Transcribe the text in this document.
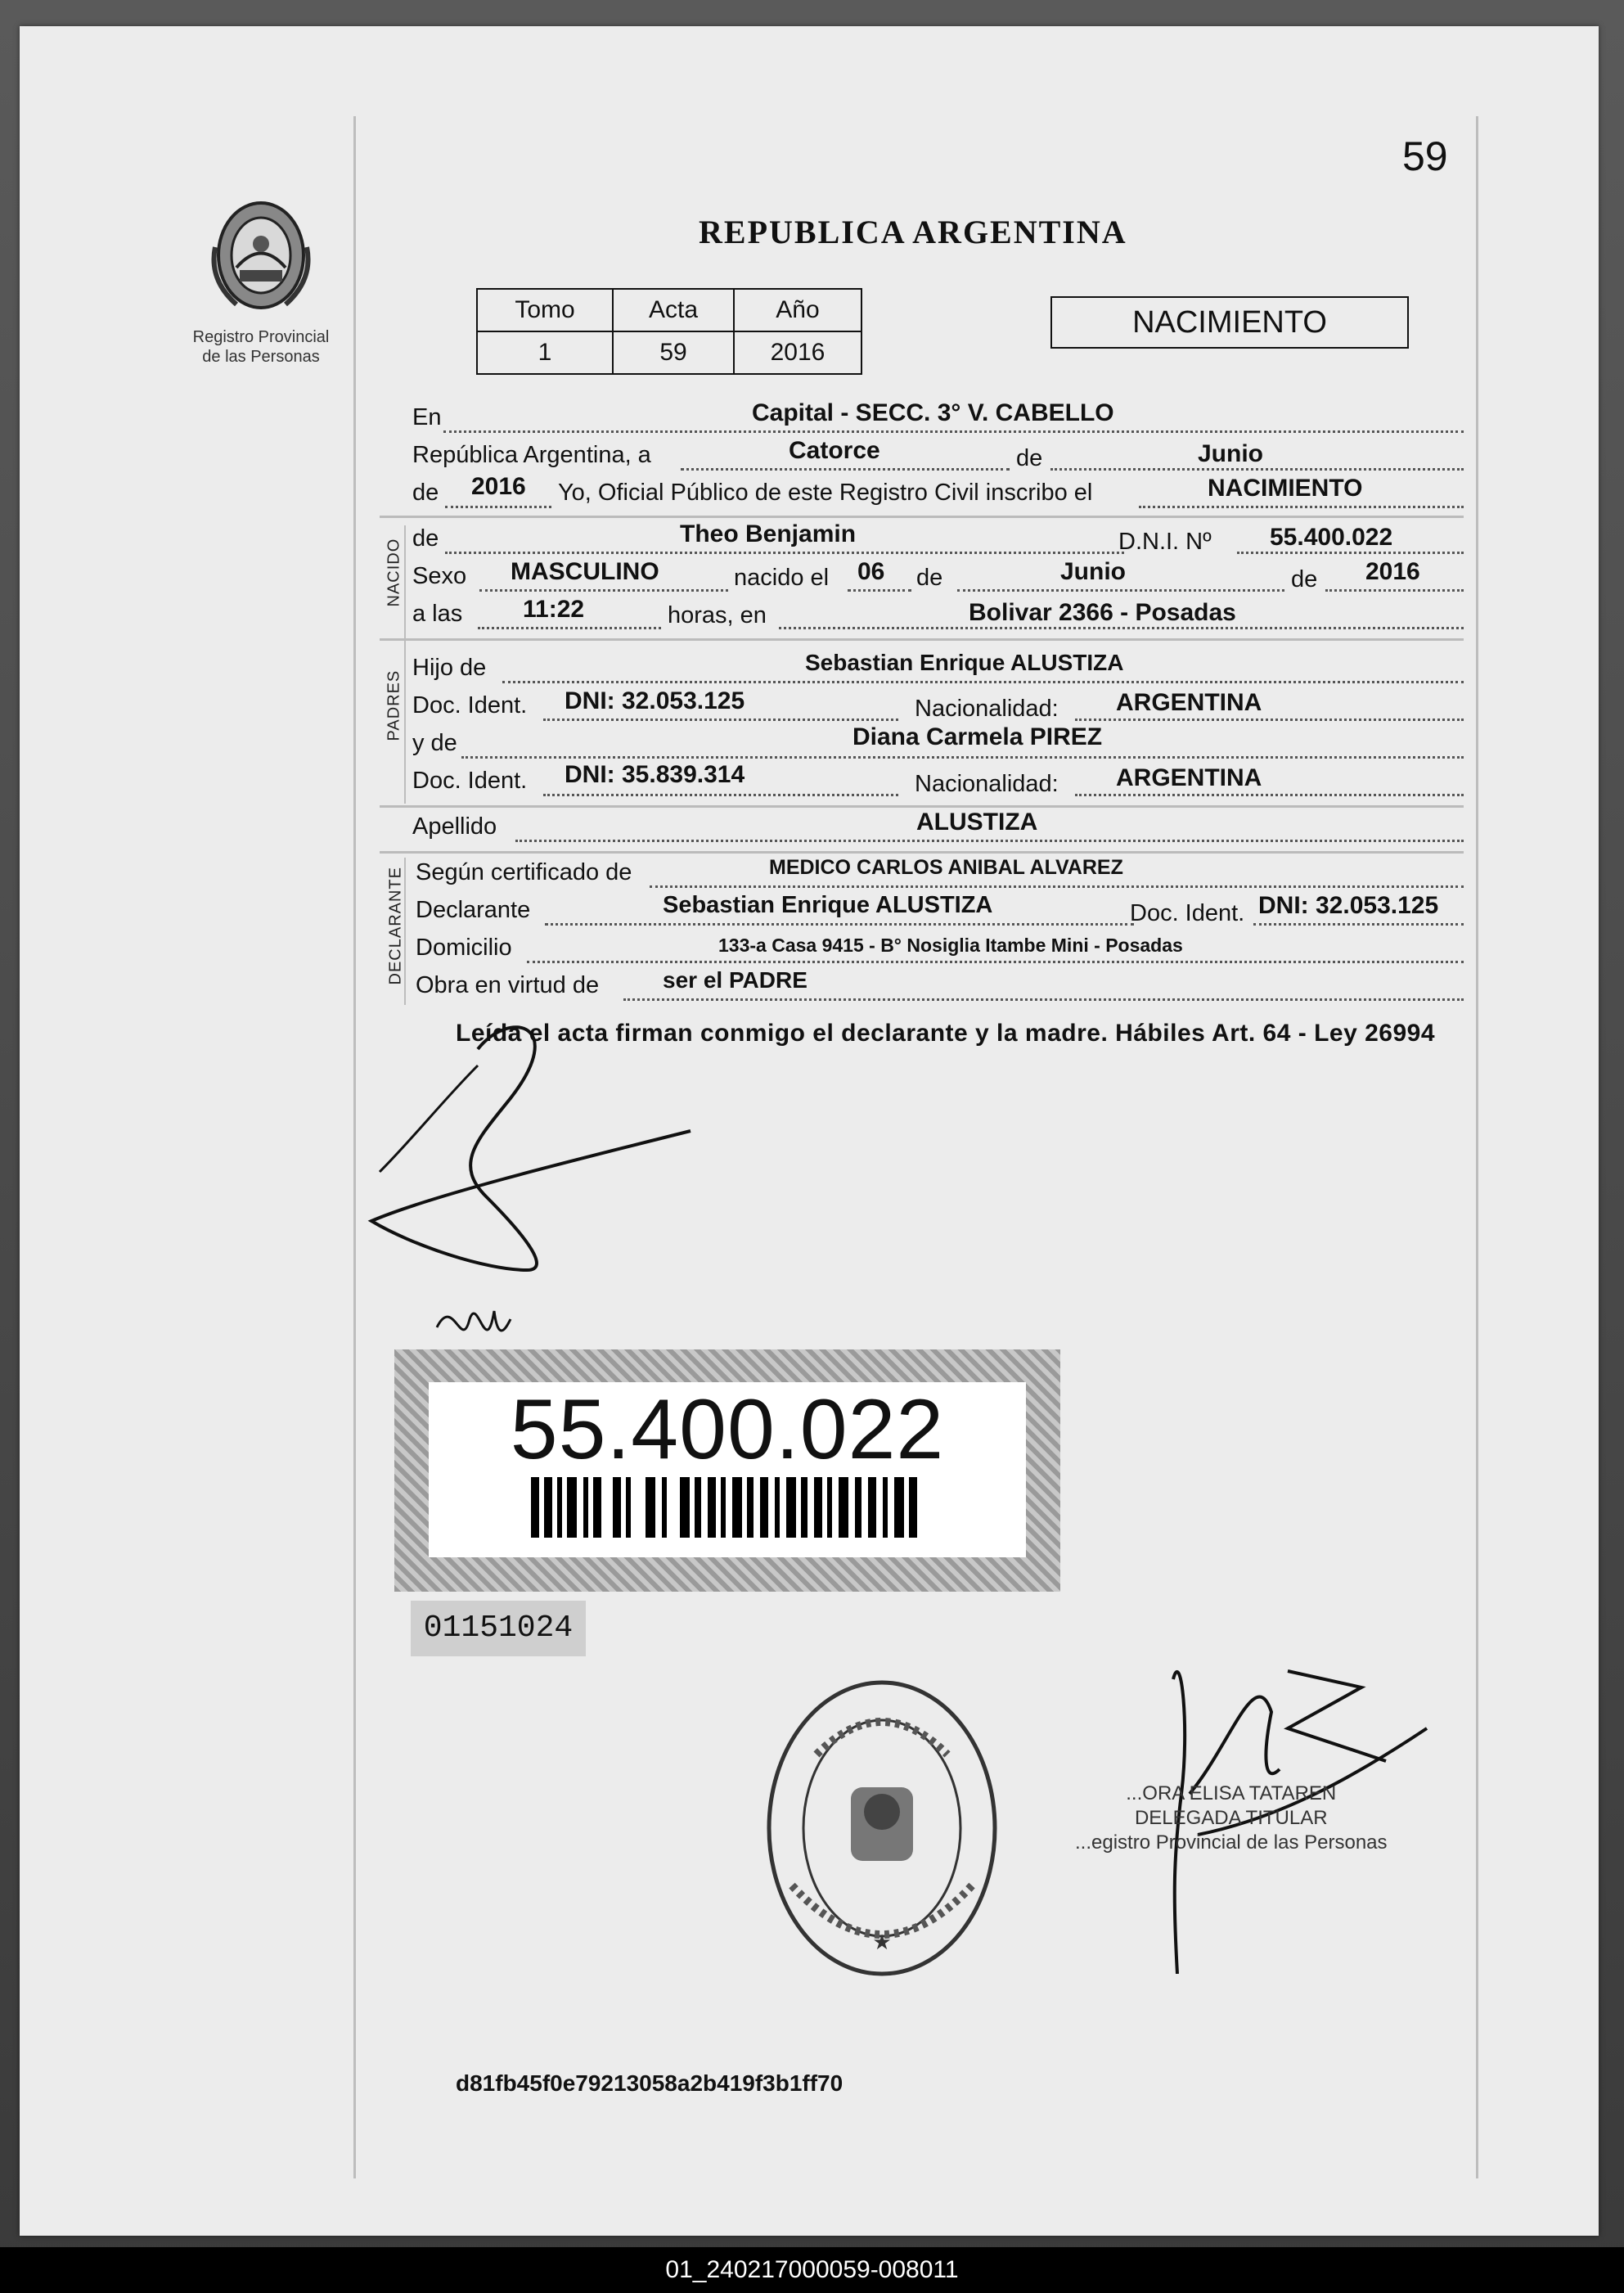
59
REPUBLICA ARGENTINA
Registro Provincial
de las Personas
Tomo	Acta	Año
1	59	2016
NACIMIENTO
En	Capital - SECC. 3° V. CABELLO
República Argentina, a	Catorce	de	Junio
de 2016 Yo, Oficial Público de este Registro Civil inscribo el	NACIMIENTO
NACIDO de	Theo Benjamin	D.N.I. Nº 55.400.022
Sexo MASCULINO	nacido el 06 de	Junio	de 2016
a las 11:22	horas, en	Bolivar 2366 - Posadas
PADRES
Hijo de	Sebastian Enrique ALUSTIZA
Doc. Ident. DNI: 32.053.125	Nacionalidad: ARGENTINA
y de	Diana Carmela PIREZ
Doc. Ident. DNI: 35.839.314	Nacionalidad: ARGENTINA
Apellido	ALUSTIZA
DECLARANTE Según certificado de	MEDICO CARLOS ANIBAL ALVAREZ
Declarante	Sebastian Enrique ALUSTIZA	Doc. Ident. DNI: 32.053.125
Domicilio	133-a Casa 9415 - B° Nosiglia Itambe Mini - Posadas
Obra en virtud de	ser el PADRE
Leída el acta firman conmigo el declarante y la madre. Hábiles Art. 64 - Ley 26994
55.400.022
01151024
★
...ORA ELISA TATAREN
DELEGADA TITULAR
...egistro Provincial de las Personas
d81fb45f0e79213058a2b419f3b1ff70
01_240217000059-008011
